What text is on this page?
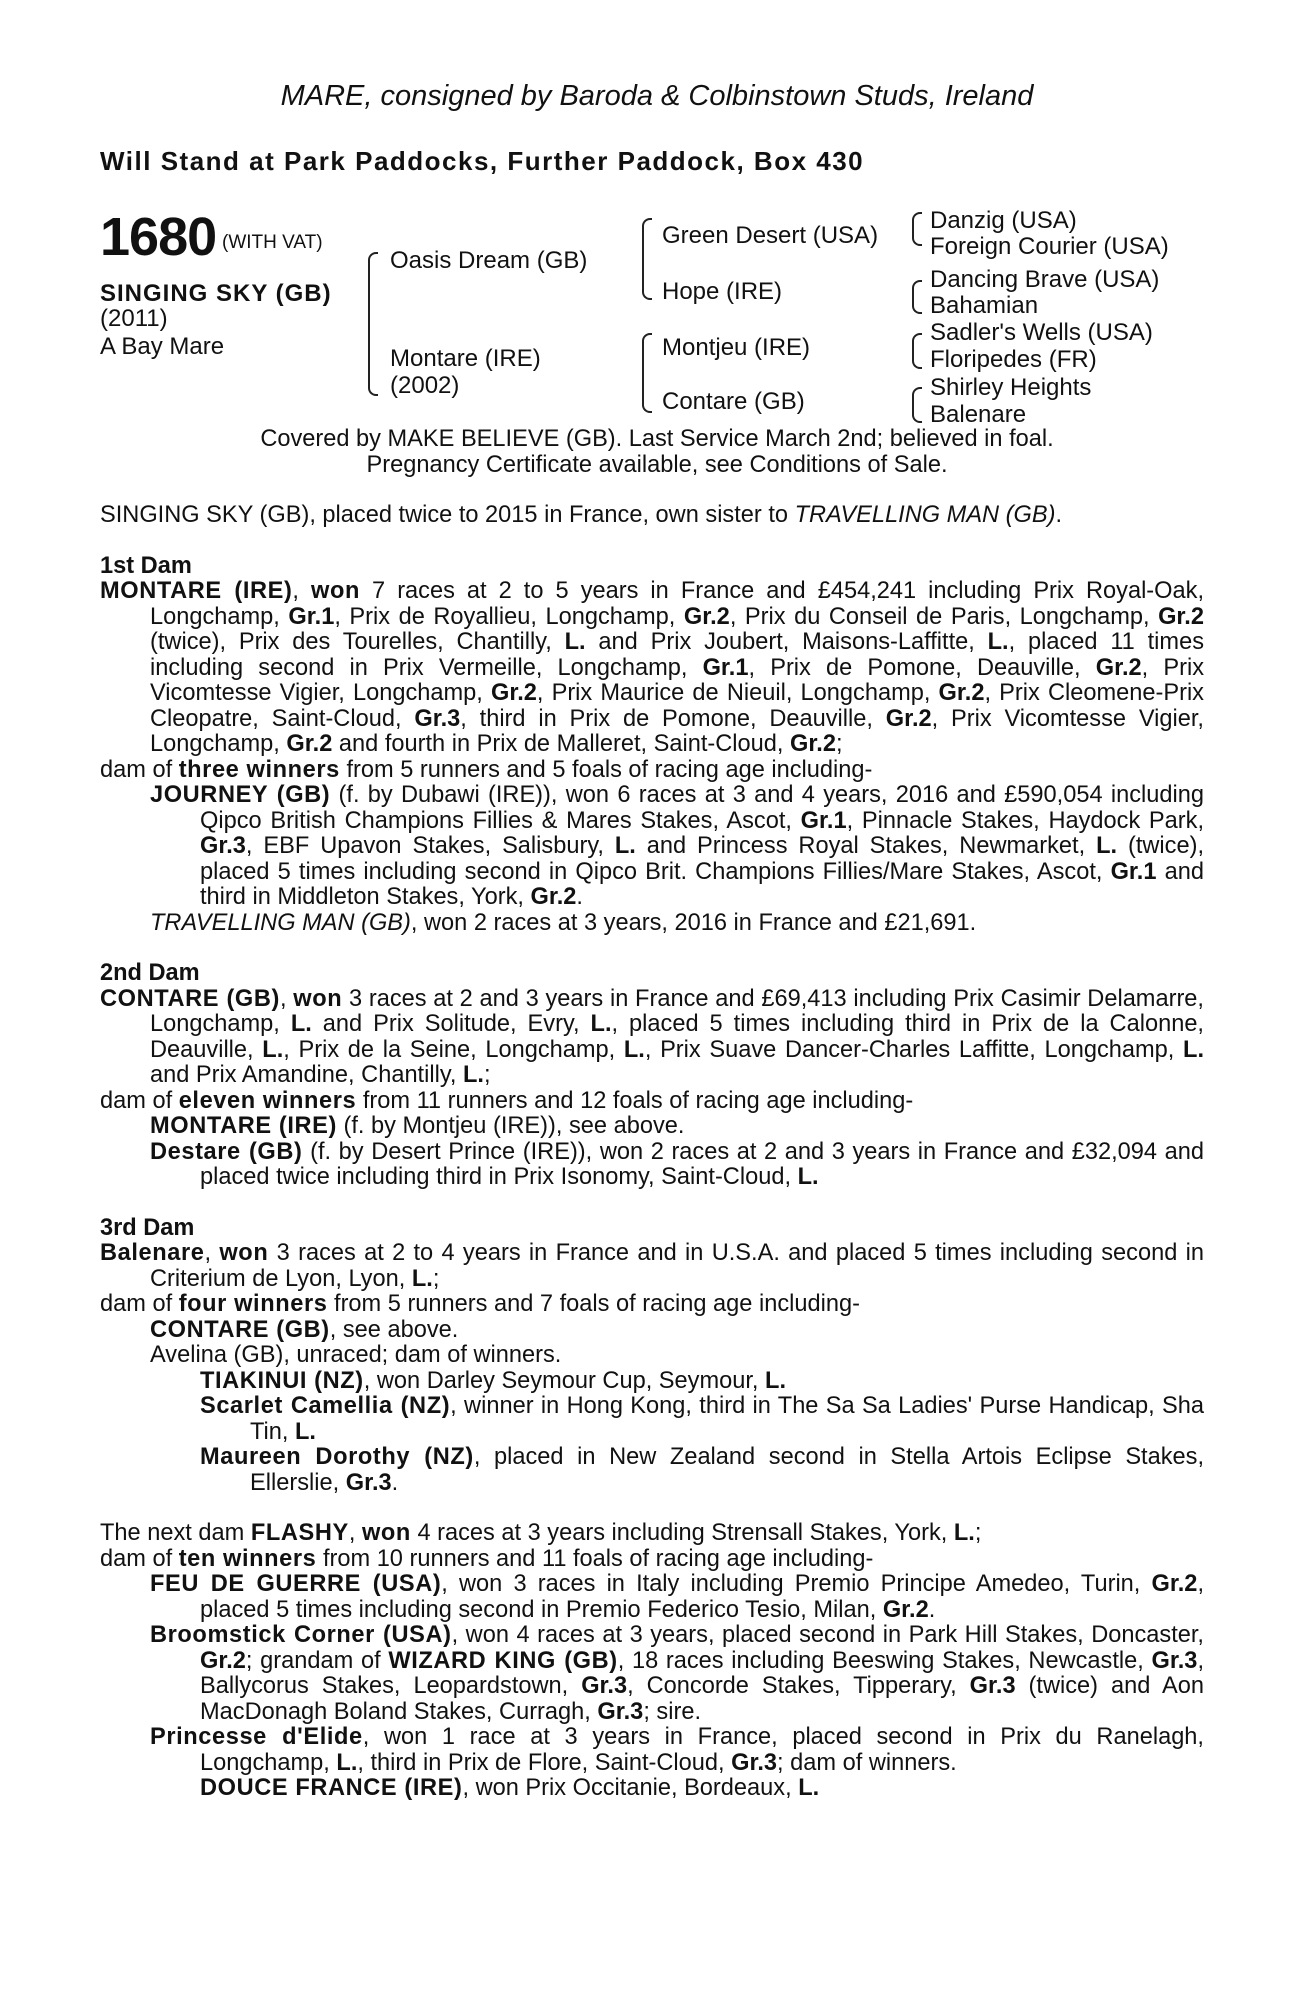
MARE, consigned by Baroda & Colbinstown Studs, Ireland
Will Stand at Park Paddocks, Further Paddock, Box 430
1680 (WITH VAT)
SINGING SKY (GB)
(2011)
A Bay Mare
Oasis Dream (GB)
Montare (IRE)
(2002)
Green Desert (USA)
Hope (IRE)
Montjeu (IRE)
Contare (GB)
Danzig (USA)
Foreign Courier (USA)
Dancing Brave (USA)
Bahamian
Sadler's Wells (USA)
Floripedes (FR)
Shirley Heights
Balenare
Covered by MAKE BELIEVE (GB). Last Service March 2nd; believed in foal.
Pregnancy Certificate available, see Conditions of Sale.

SINGING SKY (GB), placed twice to 2015 in France, own sister to TRAVELLING MAN (GB).

1st Dam

MONTARE (IRE), won 7 races at 2 to 5 years in France and £454,241 including Prix Royal-Oak, Longchamp, Gr.1, Prix de Royallieu, Longchamp, Gr.2, Prix du Conseil de Paris, Longchamp, Gr.2 (twice), Prix des Tourelles, Chantilly, L. and Prix Joubert, Maisons-Laffitte, L., placed 11 times including second in Prix Vermeille, Longchamp, Gr.1, Prix de Pomone, Deauville, Gr.2, Prix Vicomtesse Vigier, Longchamp, Gr.2, Prix Maurice de Nieuil, Longchamp, Gr.2, Prix Cleomene-Prix Cleopatre, Saint-Cloud, Gr.3, third in Prix de Pomone, Deauville, Gr.2, Prix Vicomtesse Vigier, Longchamp, Gr.2 and fourth in Prix de Malleret, Saint-Cloud, Gr.2;

dam of three winners from 5 runners and 5 foals of racing age including-

JOURNEY (GB) (f. by Dubawi (IRE)), won 6 races at 3 and 4 years, 2016 and £590,054 including Qipco British Champions Fillies & Mares Stakes, Ascot, Gr.1, Pinnacle Stakes, Haydock Park, Gr.3, EBF Upavon Stakes, Salisbury, L. and Princess Royal Stakes, Newmarket, L. (twice), placed 5 times including second in Qipco Brit. Champions Fillies/Mare Stakes, Ascot, Gr.1 and third in Middleton Stakes, York, Gr.2.

TRAVELLING MAN (GB), won 2 races at 3 years, 2016 in France and £21,691.

2nd Dam

CONTARE (GB), won 3 races at 2 and 3 years in France and £69,413 including Prix Casimir Delamarre, Longchamp, L. and Prix Solitude, Evry, L., placed 5 times including third in Prix de la Calonne, Deauville, L., Prix de la Seine, Longchamp, L., Prix Suave Dancer-Charles Laffitte, Longchamp, L. and Prix Amandine, Chantilly, L.;

dam of eleven winners from 11 runners and 12 foals of racing age including-

MONTARE (IRE) (f. by Montjeu (IRE)), see above.

Destare (GB) (f. by Desert Prince (IRE)), won 2 races at 2 and 3 years in France and £32,094 and placed twice including third in Prix Isonomy, Saint-Cloud, L.

3rd Dam

Balenare, won 3 races at 2 to 4 years in France and in U.S.A. and placed 5 times including second in Criterium de Lyon, Lyon, L.;

dam of four winners from 5 runners and 7 foals of racing age including-

CONTARE (GB), see above.

Avelina (GB), unraced; dam of winners.

TIAKINUI (NZ), won Darley Seymour Cup, Seymour, L.

Scarlet Camellia (NZ), winner in Hong Kong, third in The Sa Sa Ladies' Purse Handicap, Sha Tin, L.

Maureen Dorothy (NZ), placed in New Zealand second in Stella Artois Eclipse Stakes, Ellerslie, Gr.3.

The next dam FLASHY, won 4 races at 3 years including Strensall Stakes, York, L.;

dam of ten winners from 10 runners and 11 foals of racing age including-

FEU DE GUERRE (USA), won 3 races in Italy including Premio Principe Amedeo, Turin, Gr.2, placed 5 times including second in Premio Federico Tesio, Milan, Gr.2.

Broomstick Corner (USA), won 4 races at 3 years, placed second in Park Hill Stakes, Doncaster, Gr.2; grandam of WIZARD KING (GB), 18 races including Beeswing Stakes, Newcastle, Gr.3, Ballycorus Stakes, Leopardstown, Gr.3, Concorde Stakes, Tipperary, Gr.3 (twice) and Aon MacDonagh Boland Stakes, Curragh, Gr.3; sire.

Princesse d'Elide, won 1 race at 3 years in France, placed second in Prix du Ranelagh, Longchamp, L., third in Prix de Flore, Saint-Cloud, Gr.3; dam of winners.

DOUCE FRANCE (IRE), won Prix Occitanie, Bordeaux, L.
